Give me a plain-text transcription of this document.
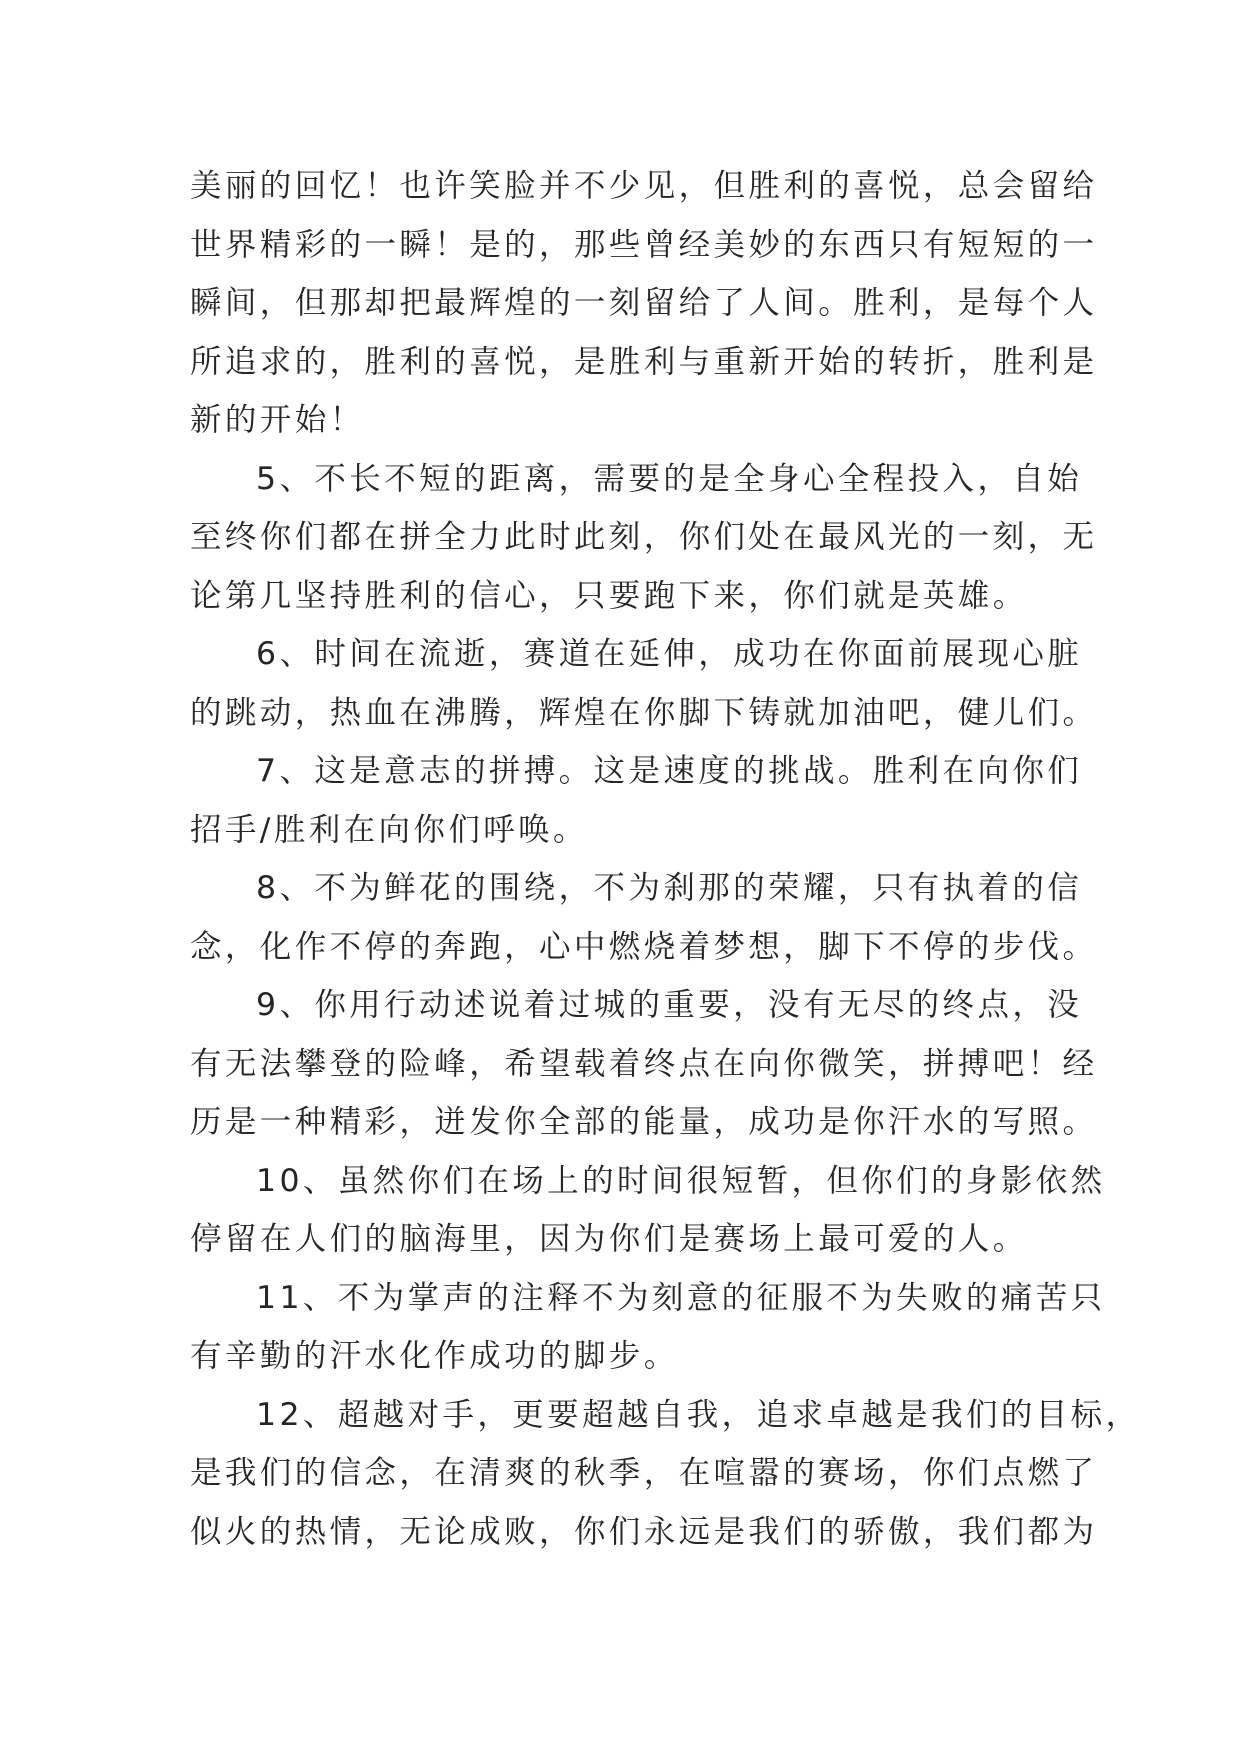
美丽的回忆！也许笑脸并不少见，但胜利的喜悦，总会留给
世界精彩的一瞬！是的，那些曾经美妙的东西只有短短的一
瞬间，但那却把最辉煌的一刻留给了人间。胜利，是每个人
所追求的，胜利的喜悦，是胜利与重新开始的转折，胜利是
新的开始！
5、不长不短的距离，需要的是全身心全程投入，自始
至终你们都在拼全力此时此刻，你们处在最风光的一刻，无
论第几坚持胜利的信心，只要跑下来，你们就是英雄。
6、时间在流逝，赛道在延伸，成功在你面前展现心脏
的跳动，热血在沸腾，辉煌在你脚下铸就加油吧，健儿们。
7、这是意志的拼搏。这是速度的挑战。胜利在向你们
招手/胜利在向你们呼唤。
8、不为鲜花的围绕，不为刹那的荣耀，只有执着的信
念，化作不停的奔跑，心中燃烧着梦想，脚下不停的步伐。
9、你用行动述说着过城的重要，没有无尽的终点，没
有无法攀登的险峰，希望载着终点在向你微笑，拼搏吧！经
历是一种精彩，迸发你全部的能量，成功是你汗水的写照。
10、虽然你们在场上的时间很短暂，但你们的身影依然
停留在人们的脑海里，因为你们是赛场上最可爱的人。
11、不为掌声的注释不为刻意的征服不为失败的痛苦只
有辛勤的汗水化作成功的脚步。
12、超越对手，更要超越自我，追求卓越是我们的目标，
是我们的信念，在清爽的秋季，在喧嚣的赛场，你们点燃了
似火的热情，无论成败，你们永远是我们的骄傲，我们都为
